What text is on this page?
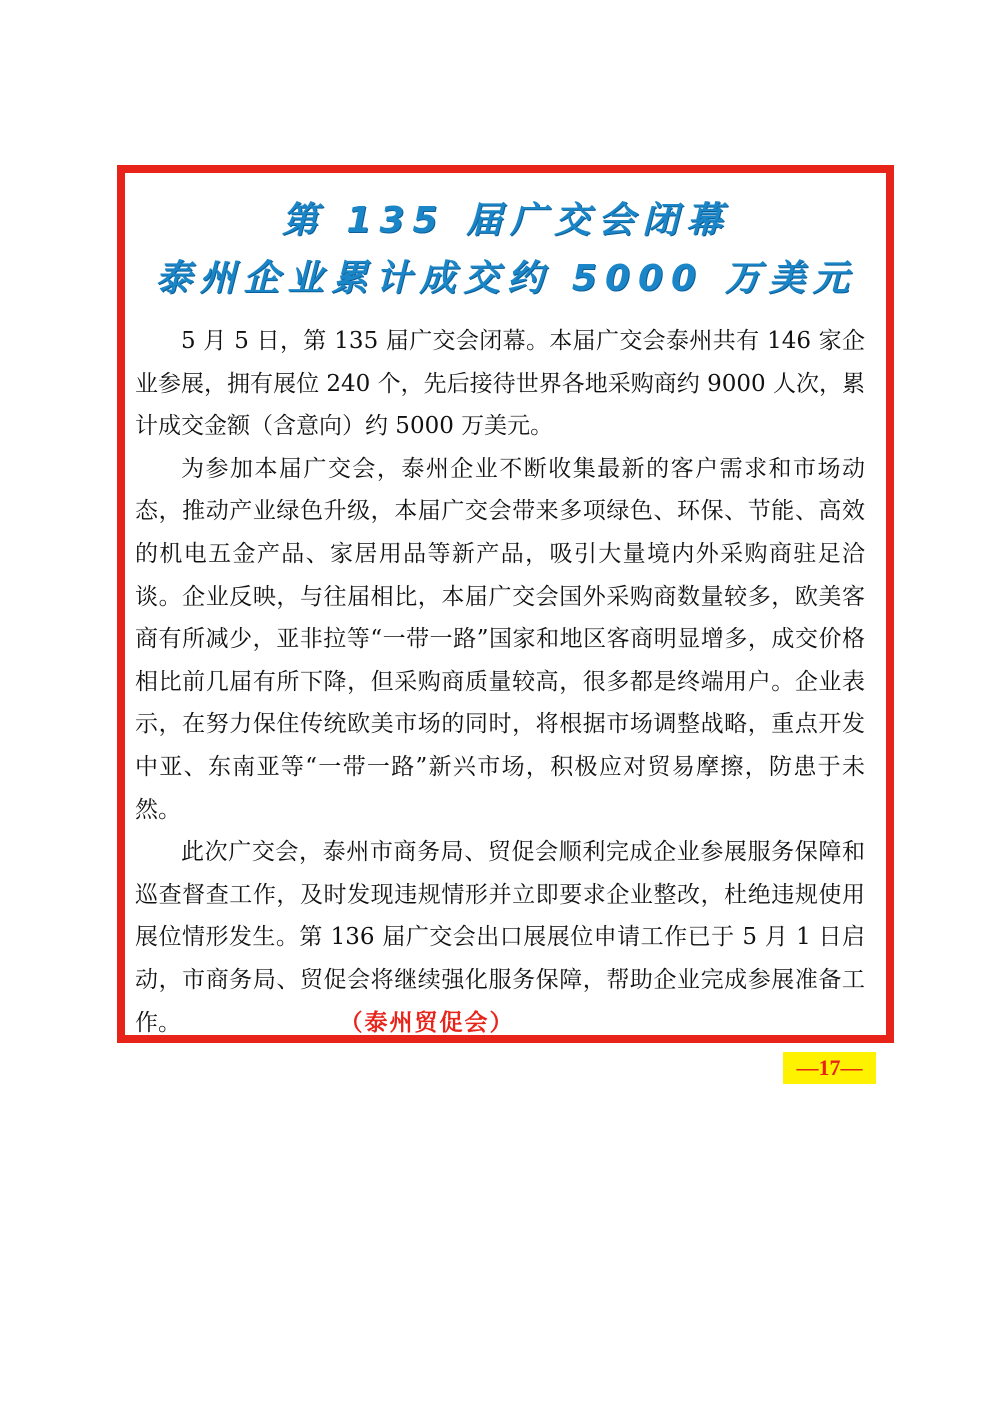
第 135 届广交会闭幕
泰州企业累计成交约 5000 万美元

5 月 5 日，第 135 届广交会闭幕。本届广交会泰州共有 146 家企业参展，拥有展位 240 个，先后接待世界各地采购商约 9000 人次，累计成交金额（含意向）约 5000 万美元。

为参加本届广交会，泰州企业不断收集最新的客户需求和市场动态，推动产业绿色升级，本届广交会带来多项绿色、环保、节能、高效的机电五金产品、家居用品等新产品，吸引大量境内外采购商驻足洽谈。企业反映，与往届相比，本届广交会国外采购商数量较多，欧美客商有所减少，亚非拉等“一带一路”国家和地区客商明显增多，成交价格相比前几届有所下降，但采购商质量较高，很多都是终端用户。企业表示，在努力保住传统欧美市场的同时，将根据市场调整战略，重点开发中亚、东南亚等“一带一路”新兴市场，积极应对贸易摩擦，防患于未然。

此次广交会，泰州市商务局、贸促会顺利完成企业参展服务保障和巡查督查工作，及时发现违规情形并立即要求企业整改，杜绝违规使用展位情形发生。第 136 届广交会出口展展位申请工作已于 5 月 1 日启动，市商务局、贸促会将继续强化服务保障，帮助企业完成参展准备工作。	（泰州贸促会）

—17—
